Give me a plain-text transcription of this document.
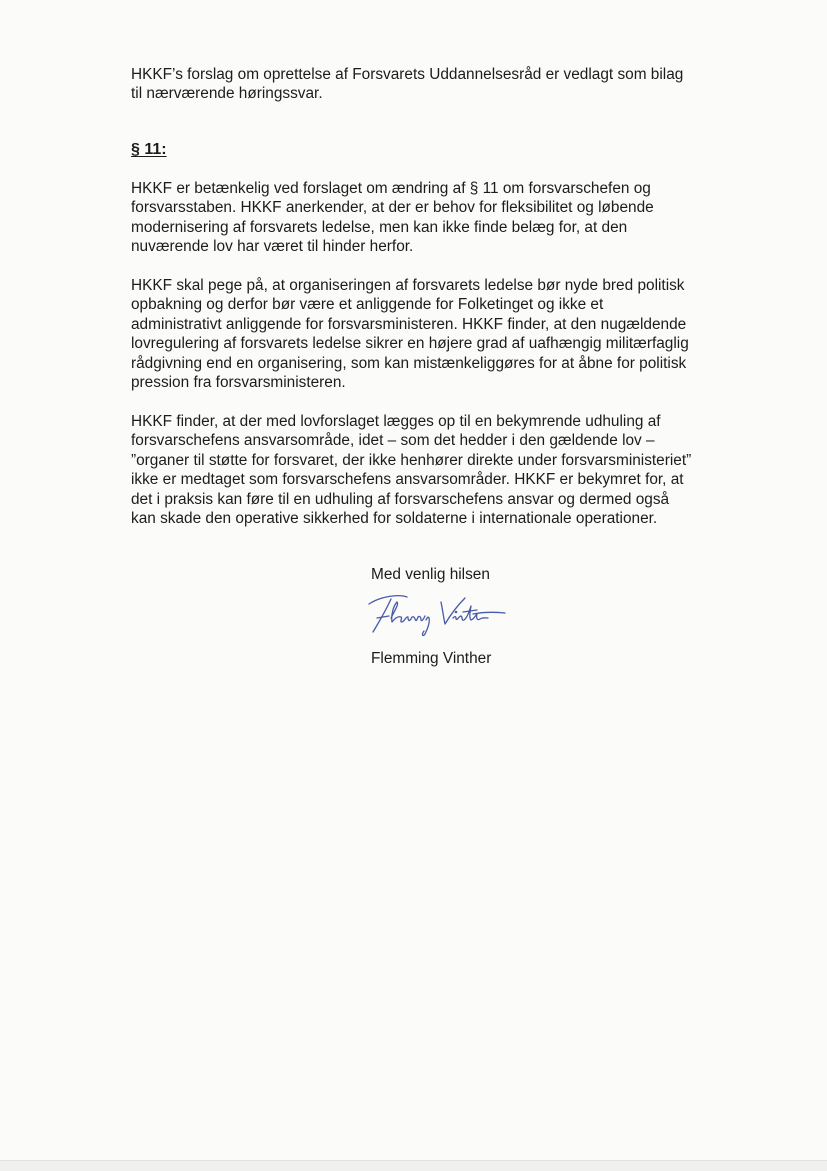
HKKF’s forslag om oprettelse af Forsvarets Uddannelsesråd er vedlagt som bilag
til nærværende høringssvar.

§ 11:

HKKF er betænkelig ved forslaget om ændring af § 11 om forsvarschefen og
forsvarsstaben. HKKF anerkender, at der er behov for fleksibilitet og løbende
modernisering af forsvarets ledelse, men kan ikke finde belæg for, at den
nuværende lov har været til hinder herfor.

HKKF skal pege på, at organiseringen af forsvarets ledelse bør nyde bred politisk
opbakning og derfor bør være et anliggende for Folketinget og ikke et
administrativt anliggende for forsvarsministeren. HKKF finder, at den nugældende
lovregulering af forsvarets ledelse sikrer en højere grad af uafhængig militærfaglig
rådgivning end en organisering, som kan mistænkeliggøres for at åbne for politisk
pression fra forsvarsministeren.

HKKF finder, at der med lovforslaget lægges op til en bekymrende udhuling af
forsvarschefens ansvarsområde, idet – som det hedder i den gældende lov –
”organer til støtte for forsvaret, der ikke henhører direkte under forsvarsministeriet”
ikke er medtaget som forsvarschefens ansvarsområder. HKKF er bekymret for, at
det i praksis kan føre til en udhuling af forsvarschefens ansvar og dermed også
kan skade den operative sikkerhed for soldaterne i internationale operationer.

Med venlig hilsen

Flemming Vinther
